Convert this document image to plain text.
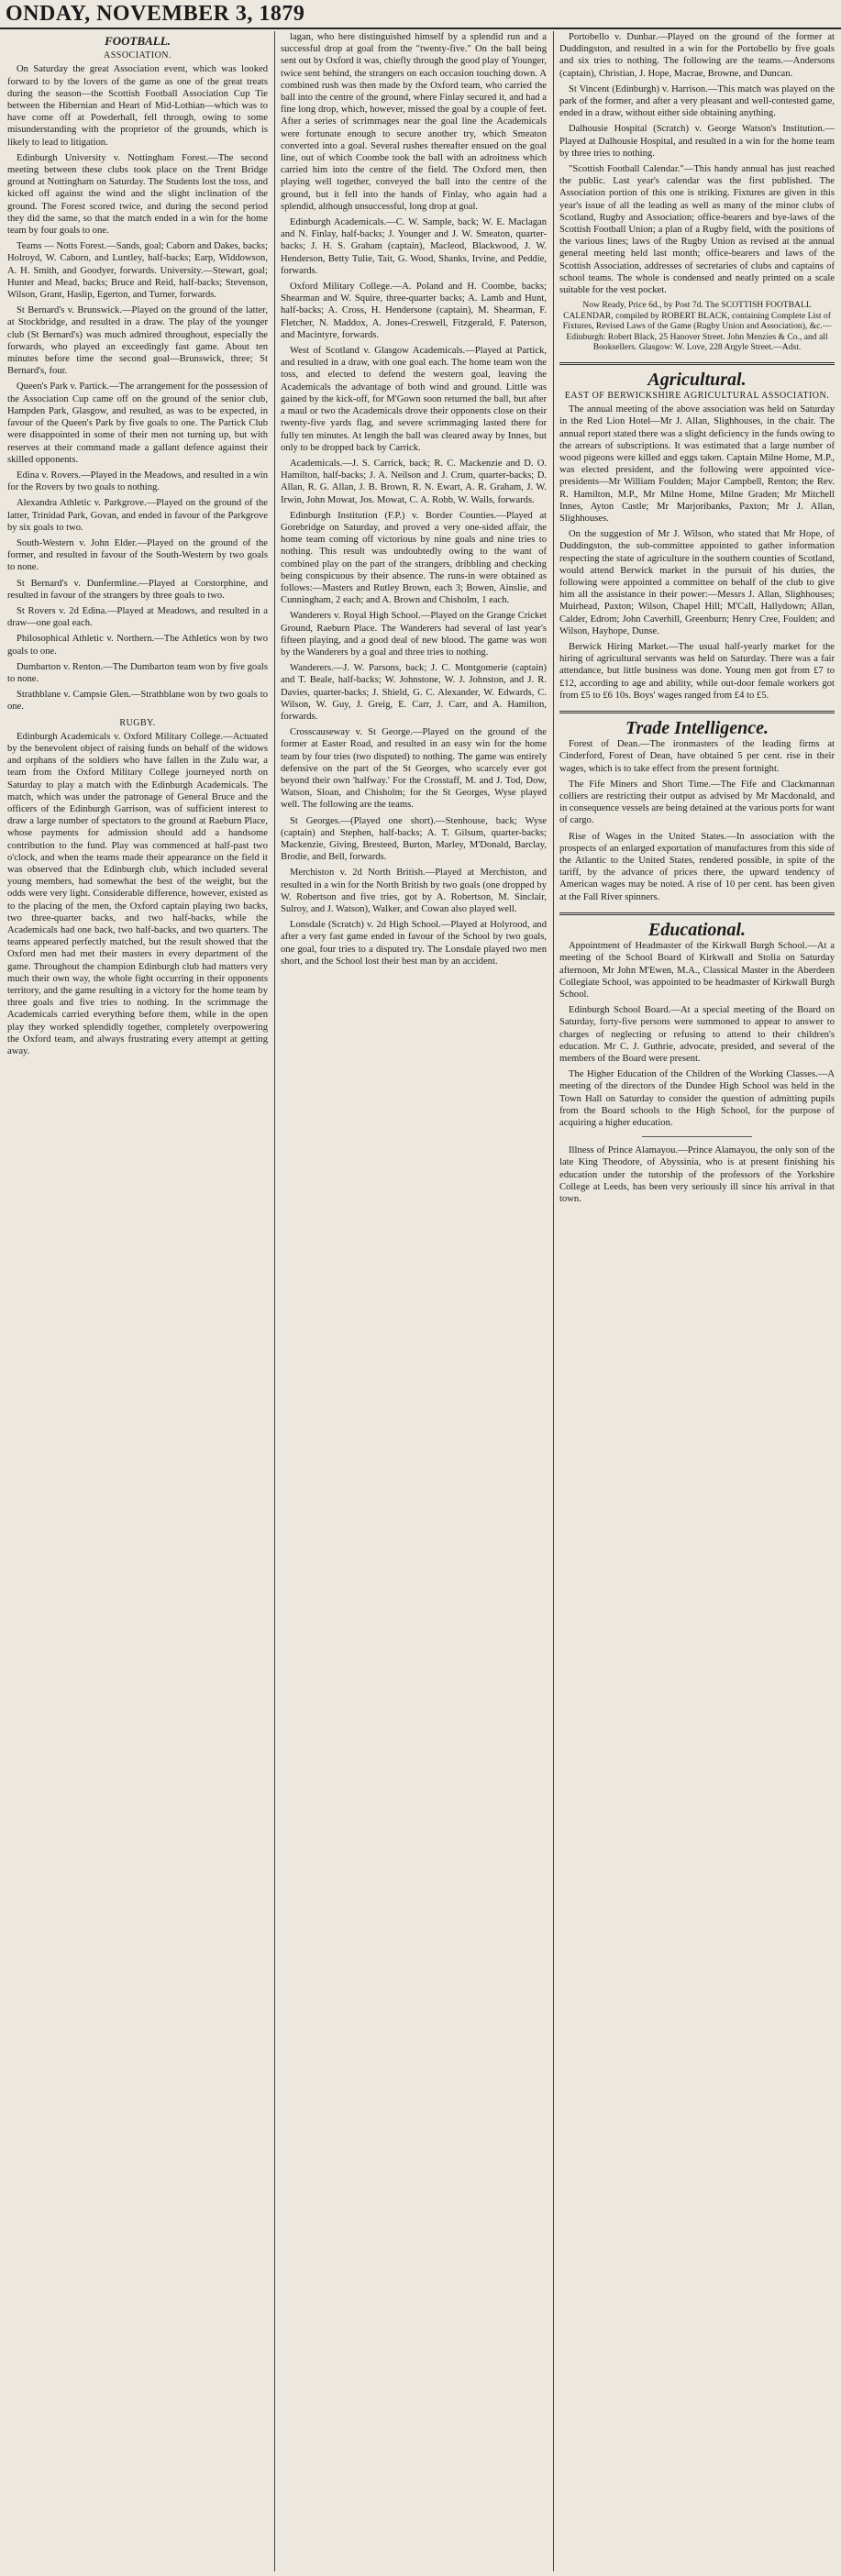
ONDAY, NOVEMBER 3, 1879
FOOTBALL.
ASSOCIATION.

On Saturday the great Association event, which was looked forward to by the lovers of the game as one of the great treats during the season—the Scottish Football Association Cup Tie between the Hibernian and Heart of Mid-Lothian—which was to have come off at Powderhall, fell through, owing to some misunderstanding with the proprietor of the grounds, which is likely to lead to litigation.

Edinburgh University v. Nottingham Forest.—The second meeting between these clubs took place on the Trent Bridge ground at Nottingham on Saturday. The Students lost the toss, and kicked off against the wind and the slight inclination of the ground. The Forest scored twice, and during the second period they did the same, so that the match ended in a win for the home team by four goals to one.

Teams — Notts Forest.—Sands, goal; Caborn and Dakes, backs; Holroyd, W. Caborn, and Luntley, half-backs; Earp, Widdowson, A. H. Smith, and Goodyer, forwards. University.—Stewart, goal; Hunter and Mead, backs; Bruce and Reid, half-backs; Stevenson, Wilson, Grant, Haslip, Egerton, and Turner, forwards.

St Bernard's v. Brunswick.—Played on the ground of the latter, at Stockbridge, and resulted in a draw. The play of the younger club (St Bernard's) was much admired throughout, especially the forwards, who played an exceedingly fast game. About ten minutes before time the second goal—Brunswick, three; St Bernard's, four.

Queen's Park v. Partick.—The arrangement for the possession of the Association Cup came off on the ground of the senior club, Hampden Park, Glasgow, and resulted, as was to be expected, in favour of the Queen's Park by five goals to one. The Partick Club were disappointed in some of their men not turning up, but with reserves at their command made a gallant defence against their skilled opponents.

Edina v. Rovers.—Played in the Meadows, and resulted in a win for the Rovers by two goals to nothing.

Alexandra Athletic v. Parkgrove.—Played on the ground of the latter, Trinidad Park, Govan, and ended in favour of the Parkgrove by six goals to two.

South-Western v. John Elder.—Played on the ground of the former, and resulted in favour of the South-Western by two goals to none.

St Bernard's v. Dunfermline.—Played at Corstorphine, and resulted in favour of the strangers by three goals to two.

St Rovers v. 2d Edina.—Played at Meadows, and resulted in a draw—one goal each.

Philosophical Athletic v. Northern.—The Athletics won by two goals to one.

Dumbarton v. Renton.—The Dumbarton team won by five goals to none.

Strathblane v. Campsie Glen.—Strathblane won by two goals to one.

RUGBY.

Edinburgh Academicals v. Oxford Military College.—Actuated by the benevolent object of raising funds on behalf of the widows and orphans of the soldiers who have fallen in the Zulu war, a team from the Oxford Military College journeyed north on Saturday to play a match with the Edinburgh Academicals. The match, which was under the patronage of General Bruce and the officers of the Edinburgh Garrison, was of sufficient interest to draw a large number of spectators to the ground at Raeburn Place, whose payments for admission should add a handsome contribution to the fund. Play was commenced at half-past two o'clock, and when the teams made their appearance on the field it was observed that the Edinburgh club, which included several young members, had somewhat the best of the weight, but the odds were very light. Considerable difference, however, existed as to the placing of the men, the Oxford captain playing two backs, two three-quarter backs, and two half-backs, while the Academicals had one back, two half-backs, and two quarters. The teams appeared perfectly matched, but the result showed that the Oxford men had met their masters in every department of the game. Throughout the champion Edinburgh club had matters very much their own way, the whole fight occurring in their opponents territory, and the game resulting in a victory for the home team by three goals and five tries to nothing. In the scrimmage the Academicals carried everything before them, while in the open play they worked splendidly together, completely overpowering the Oxford team, and always frustrating every attempt at getting away.

lagan, who here distinguished himself by a splendid run and a successful drop at goal from the "twenty-five." On the ball being sent out by Oxford it was, chiefly through the good play of Younger, twice sent behind, the strangers on each occasion touching down. A combined rush was then made by the Oxford team, who carried the ball into the centre of the ground, where Finlay secured it, and had a fine long drop, which, however, missed the goal by a couple of feet. After a series of scrimmages near the goal line the Academicals were fortunate enough to secure another try, which Smeaton converted into a goal. Several rushes thereafter ensued on the goal line, out of which Coombe took the ball with an adroitness which carried him into the centre of the field. The Oxford men, then playing well together, conveyed the ball into the centre of the ground, but it fell into the hands of Finlay, who again had a splendid, although unsuccessful, long drop at goal.

Edinburgh Academicals.—C. W. Sample, back; W. E. Maclagan and N. Finlay, half-backs; J. Younger and J. W. Smeaton, quarter-backs; J. H. S. Graham (captain), Macleod, Blackwood, J. W. Henderson, Betty Tulie, Tait, G. Wood, Shanks, Irvine, and Peddie, forwards.

Oxford Military College.—A. Poland and H. Coombe, backs; Shearman and W. Squire, three-quarter backs; A. Lamb and Hunt, half-backs; A. Cross, H. Hendersone (captain), M. Shearman, F. Fletcher, N. Maddox, A. Jones-Creswell, Fitzgerald, F. Paterson, and Macintyre, forwards.

West of Scotland v. Glasgow Academicals.—Played at Partick, and resulted in a draw, with one goal each. The home team won the toss, and elected to defend the western goal, leaving the Academicals the advantage of both wind and ground. Little was gained by the kick-off, for M'Gown soon returned the ball, but after a maul or two the Academicals drove their opponents close on their twenty-five yards flag, and severe scrimmaging lasted there for fully ten minutes. At length the ball was cleared away by Innes, but only to be dropped back by Carrick.

Academicals.—J. S. Carrick, back; R. C. Mackenzie and D. O. Hamilton, half-backs; J. A. Neilson and J. Crum, quarter-backs; D. Allan, R. G. Allan, J. B. Brown, R. N. Ewart, A. R. Graham, J. W. Irwin, John Mowat, Jos. Mowat, C. A. Robb, W. Walls, forwards.

Edinburgh Institution (F.P.) v. Border Counties.—Played at Gorebridge on Saturday, and proved a very one-sided affair, the home team coming off victorious by nine goals and nine tries to nothing. This result was undoubtedly owing to the want of combined play on the part of the strangers, dribbling and checking being conspicuous by their absence. The runs-in were obtained as follows:—Masters and Rutley Brown, each 3; Bowen, Ainslie, and Cunningham, 2 each; and A. Brown and Chisholm, 1 each.

Wanderers v. Royal High School.—Played on the Grange Cricket Ground, Raeburn Place. The Wanderers had several of last year's fifteen playing, and a good deal of new blood. The game was won by the Wanderers by a goal and three tries to nothing.

Wanderers.—J. W. Parsons, back; J. C. Montgomerie (captain) and T. Beale, half-backs; W. Johnstone, W. J. Johnston, and J. R. Davies, quarter-backs; J. Shield, G. C. Alexander, W. Edwards, C. Wilson, W. Guy, J. Greig, E. Carr, J. Carr, and A. Hamilton, forwards.

Crosscauseway v. St George.—Played on the ground of the former at Easter Road, and resulted in an easy win for the home team by four tries (two disputed) to nothing. The game was entirely defensive on the part of the St Georges, who scarcely ever got beyond their own 'halfway.' For the Crosstaff, M. and J. Tod, Dow, Watson, Sloan, and Chisholm; for the St Georges, Wyse played well. The following are the teams.

St Georges.—(Played one short).—Stenhouse, back; Wyse (captain) and Stephen, half-backs; A. T. Gilsum, quarter-backs; Mackenzie, Giving, Bresteed, Burton, Marley, M'Donald, Barclay, Brodie, and Bell, forwards.

Merchiston v. 2d North British.—Played at Merchiston, and resulted in a win for the North British by two goals (one dropped by W. Robertson and five tries, got by A. Robertson, M. Sinclair, Sulroy, and J. Watson), Walker, and Cowan also played well.

Lonsdale (Scratch) v. 2d High School.—Played at Holyrood, and after a very fast game ended in favour of the School by two goals, one goal, four tries to a disputed try. The Lonsdale played two men short, and the School lost their best man by an accident.

Portobello v. Dunbar.—Played on the ground of the former at Duddingston, and resulted in a win for the Portobello by five goals and six tries to nothing. The following are the teams.—Andersons (captain), Christian, J. Hope, Macrae, Browne, and Duncan.

St Vincent (Edinburgh) v. Harrison.—This match was played on the park of the former, and after a very pleasant and well-contested game, ended in a draw, without either side obtaining anything.

Dalhousie Hospital (Scratch) v. George Watson's Institution.—Played at Dalhousie Hospital, and resulted in a win for the home team by three tries to nothing.

"Scottish Football Calendar."—This handy annual has just reached the public. Last year's calendar was the first published. The Association portion of this one is striking. Fixtures are given in this year's issue of all the leading as well as many of the minor clubs of Scotland, Rugby and Association; office-bearers and bye-laws of the Scottish Football Union; a plan of a Rugby field, with the positions of the various lines; laws of the Rugby Union as revised at the annual general meeting held last month; office-bearers and laws of the Scottish Association, addresses of secretaries of clubs and captains of school teams. The whole is condensed and neatly printed on a scale suitable for the vest pocket.

Now Ready, Price 6d., by Post 7d. The SCOTTISH FOOTBALL CALENDAR, compiled by ROBERT BLACK, containing Complete List of Fixtures, Revised Laws of the Game (Rugby Union and Association), &c.—Edinburgh: Robert Black, 25 Hanover Street. John Menzies & Co., and all Booksellers. Glasgow: W. Love, 228 Argyle Street.—Adst.

Agricultural.
EAST OF BERWICKSHIRE AGRICULTURAL ASSOCIATION.

The annual meeting of the above association was held on Saturday in the Red Lion Hotel—Mr J. Allan, Slighhouses, in the chair. The annual report stated there was a slight deficiency in the funds owing to the arrears of subscriptions. It was estimated that a large number of wood pigeons were killed and eggs taken. Captain Milne Home, M.P., was elected president, and the following were appointed vice-presidents—Mr William Foulden; Major Campbell, Renton; the Rev. R. Hamilton, M.P., Mr Milne Home, Milne Graden; Mr Mitchell Innes, Ayton Castle; Mr Marjoribanks, Paxton; Mr J. Allan, Slighhouses.

On the suggestion of Mr J. Wilson, who stated that Mr Hope, of Duddingston, the sub-committee appointed to gather information respecting the state of agriculture in the southern counties of Scotland, would attend Berwick market in the pursuit of his duties, the following were appointed a committee on behalf of the club to give him all the assistance in their power:—Messrs J. Allan, Slighhouses; Muirhead, Paxton; Wilson, Chapel Hill; M'Call, Hallydown; Allan, Calder, Edrom; John Caverhill, Greenburn; Henry Cree, Foulden; and Wilson, Hayhope, Dunse.

Berwick Hiring Market.—The usual half-yearly market for the hiring of agricultural servants was held on Saturday. There was a fair attendance, but little business was done. Young men got from £7 to £12, according to age and ability, while out-door female workers got from £5 to £6 10s. Boys' wages ranged from £4 to £5.

Trade Intelligence.

Forest of Dean.—The ironmasters of the leading firms at Cinderford, Forest of Dean, have obtained 5 per cent. rise in their wages, which is to take effect from the present fortnight.

The Fife Miners and Short Time.—The Fife and Clackmannan colliers are restricting their output as advised by Mr Macdonald, and in consequence vessels are being detained at the various ports for want of cargo.

Rise of Wages in the United States.—In association with the prospects of an enlarged exportation of manufactures from this side of the Atlantic to the United States, rendered possible, in spite of the tariff, by the advance of prices there, the upward tendency of American wages may be noted. A rise of 10 per cent. has been given at the Fall River spinners.

Educational.

Appointment of Headmaster of the Kirkwall Burgh School.—At a meeting of the School Board of Kirkwall and Stolia on Saturday afternoon, Mr John M'Ewen, M.A., Classical Master in the Aberdeen Collegiate School, was appointed to be headmaster of Kirkwall Burgh School.

Edinburgh School Board.—At a special meeting of the Board on Saturday, forty-five persons were summoned to appear to answer to charges of neglecting or refusing to attend to their children's education. Mr C. J. Guthrie, advocate, presided, and several of the members of the Board were present.

The Higher Education of the Children of the Working Classes.—A meeting of the directors of the Dundee High School was held in the Town Hall on Saturday to consider the question of admitting pupils from the Board schools to the High School, for the purpose of acquiring a higher education.

Illness of Prince Alamayou.—Prince Alamayou, the only son of the late King Theodore, of Abyssinia, who is at present finishing his education under the tutorship of the professors of the Yorkshire College at Leeds, has been very seriously ill since his arrival in that town.
